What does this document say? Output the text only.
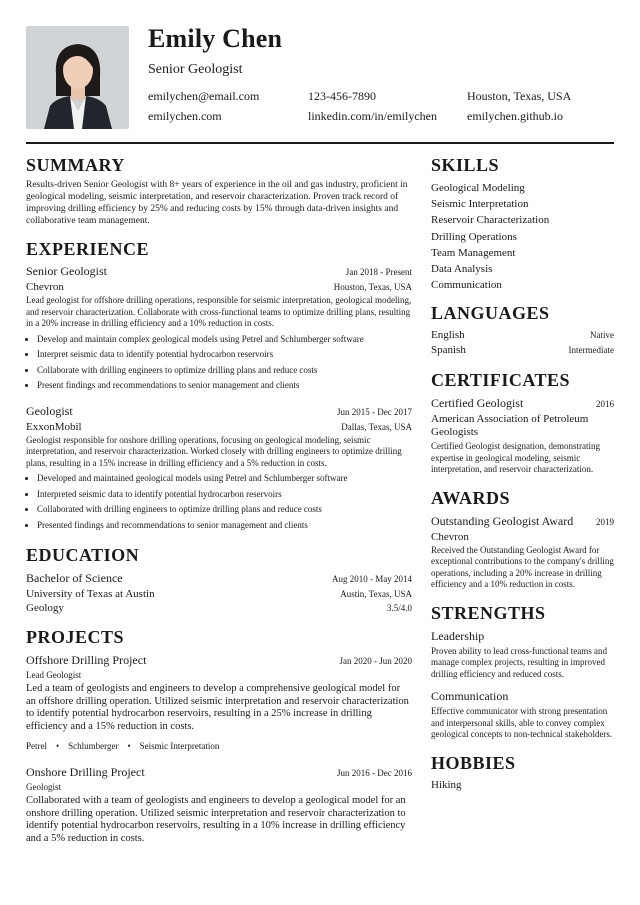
Emily Chen
Senior Geologist
emilychen@email.com	123-456-7890	Houston, Texas, USA
emilychen.com	linkedin.com/in/emilychen	emilychen.github.io
SUMMARY
Results-driven Senior Geologist with 8+ years of experience in the oil and gas industry, proficient in geological modeling, seismic interpretation, and reservoir characterization. Proven track record of improving drilling efficiency by 25% and reducing costs by 15% through data-driven insights and collaborative team management.
EXPERIENCE
Senior Geologist	Jan 2018 - Present
Chevron	Houston, Texas, USA
Lead geologist for offshore drilling operations, responsible for seismic interpretation, geological modeling, and reservoir characterization. Collaborate with cross-functional teams to optimize drilling plans, resulting in a 20% increase in drilling efficiency and a 10% reduction in costs.
• Develop and maintain complex geological models using Petrel and Schlumberger software
• Interpret seismic data to identify potential hydrocarbon reservoirs
• Collaborate with drilling engineers to optimize drilling plans and reduce costs
• Present findings and recommendations to senior management and clients
Geologist	Jun 2015 - Dec 2017
ExxonMobil	Dallas, Texas, USA
Geologist responsible for onshore drilling operations, focusing on geological modeling, seismic interpretation, and reservoir characterization. Worked closely with drilling engineers to optimize drilling plans, resulting in a 15% increase in drilling efficiency and a 5% reduction in costs.
• Developed and maintained geological models using Petrel and Schlumberger software
• Interpreted seismic data to identify potential hydrocarbon reservoirs
• Collaborated with drilling engineers to optimize drilling plans and reduce costs
• Presented findings and recommendations to senior management and clients
EDUCATION
Bachelor of Science	Aug 2010 - May 2014
University of Texas at Austin	Austin, Texas, USA
Geology	3.5/4.0
PROJECTS
Offshore Drilling Project	Jan 2020 - Jun 2020
Lead Geologist
Led a team of geologists and engineers to develop a comprehensive geological model for an offshore drilling operation. Utilized seismic interpretation and reservoir characterization to identify potential hydrocarbon reservoirs, resulting in a 25% increase in drilling efficiency and a 15% reduction in costs.
Petrel • Schlumberger • Seismic Interpretation
Onshore Drilling Project	Jun 2016 - Dec 2016
Geologist
Collaborated with a team of geologists and engineers to develop a geological model for an onshore drilling operation. Utilized seismic interpretation and reservoir characterization to identify potential hydrocarbon reservoirs, resulting in a 10% increase in drilling efficiency and a 5% reduction in costs.
SKILLS
Geological Modeling
Seismic Interpretation
Reservoir Characterization
Drilling Operations
Team Management
Data Analysis
Communication
LANGUAGES
English	Native
Spanish	Intermediate
CERTIFICATES
Certified Geologist	2016
American Association of Petroleum Geologists
Certified Geologist designation, demonstrating expertise in geological modeling, seismic interpretation, and reservoir characterization.
AWARDS
Outstanding Geologist Award	2019
Chevron
Received the Outstanding Geologist Award for exceptional contributions to the company's drilling operations, including a 20% increase in drilling efficiency and a 10% reduction in costs.
STRENGTHS
Leadership
Proven ability to lead cross-functional teams and manage complex projects, resulting in improved drilling efficiency and reduced costs.
Communication
Effective communicator with strong presentation and interpersonal skills, able to convey complex geological concepts to non-technical stakeholders.
HOBBIES
Hiking
